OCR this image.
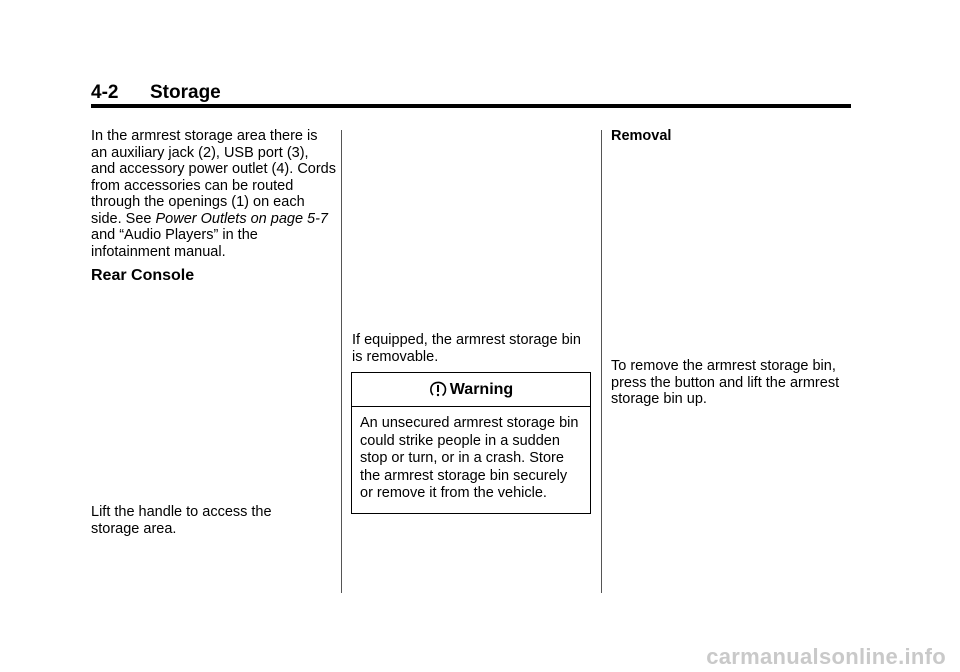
4-2 Storage

In the armrest storage area there is an auxiliary jack (2), USB port (3), and accessory power outlet (4). Cords from accessories can be routed through the openings (1) on each side. See Power Outlets on page 5-7 and “Audio Players” in the infotainment manual.

Rear Console

Lift the handle to access the storage area.

If equipped, the armrest storage bin is removable.

Warning
An unsecured armrest storage bin could strike people in a sudden stop or turn, or in a crash. Store the armrest storage bin securely or remove it from the vehicle.

Removal

To remove the armrest storage bin, press the button and lift the armrest storage bin up.

carmanualsonline.info
